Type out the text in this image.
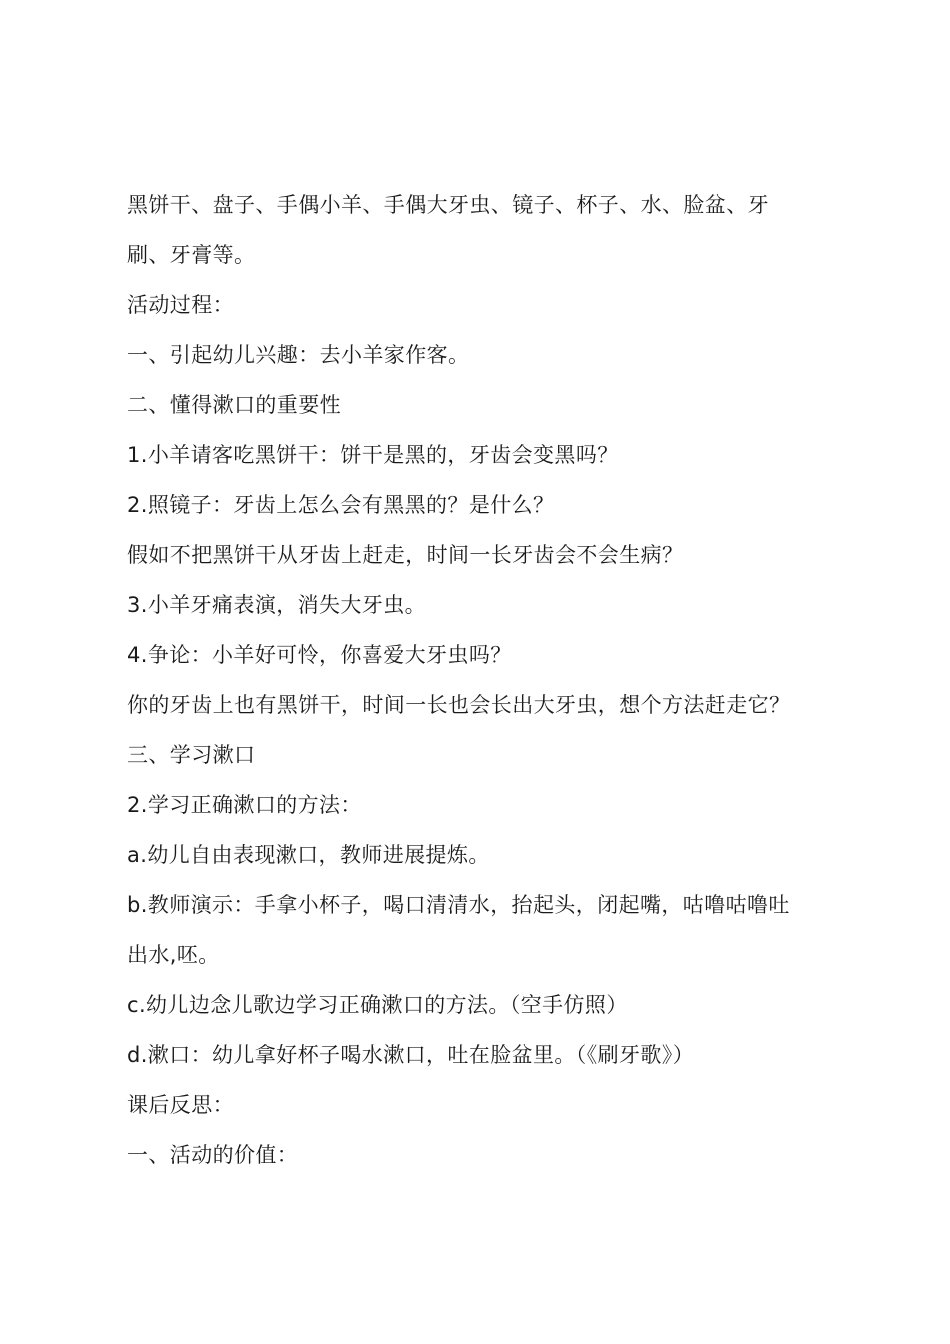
黑饼干、盘子、手偶小羊、手偶大牙虫、镜子、杯子、水、脸盆、牙
刷、牙膏等。
活动过程：
一、引起幼儿兴趣：去小羊家作客。
二、懂得漱口的重要性
1.小羊请客吃黑饼干：饼干是黑的，牙齿会变黑吗？
2.照镜子：牙齿上怎么会有黑黑的？是什么？
假如不把黑饼干从牙齿上赶走，时间一长牙齿会不会生病？
3.小羊牙痛表演，消失大牙虫。
4.争论：小羊好可怜，你喜爱大牙虫吗？
你的牙齿上也有黑饼干，时间一长也会长出大牙虫，想个方法赶走它？
三、学习漱口
2.学习正确漱口的方法：
a.幼儿自由表现漱口，教师进展提炼。
b.教师演示：手拿小杯子，喝口清清水，抬起头，闭起嘴，咕噜咕噜吐
出水,呸。
c.幼儿边念儿歌边学习正确漱口的方法。（空手仿照）
d.漱口：幼儿拿好杯子喝水漱口，吐在脸盆里。（《刷牙歌》）
课后反思：
一、活动的价值：
